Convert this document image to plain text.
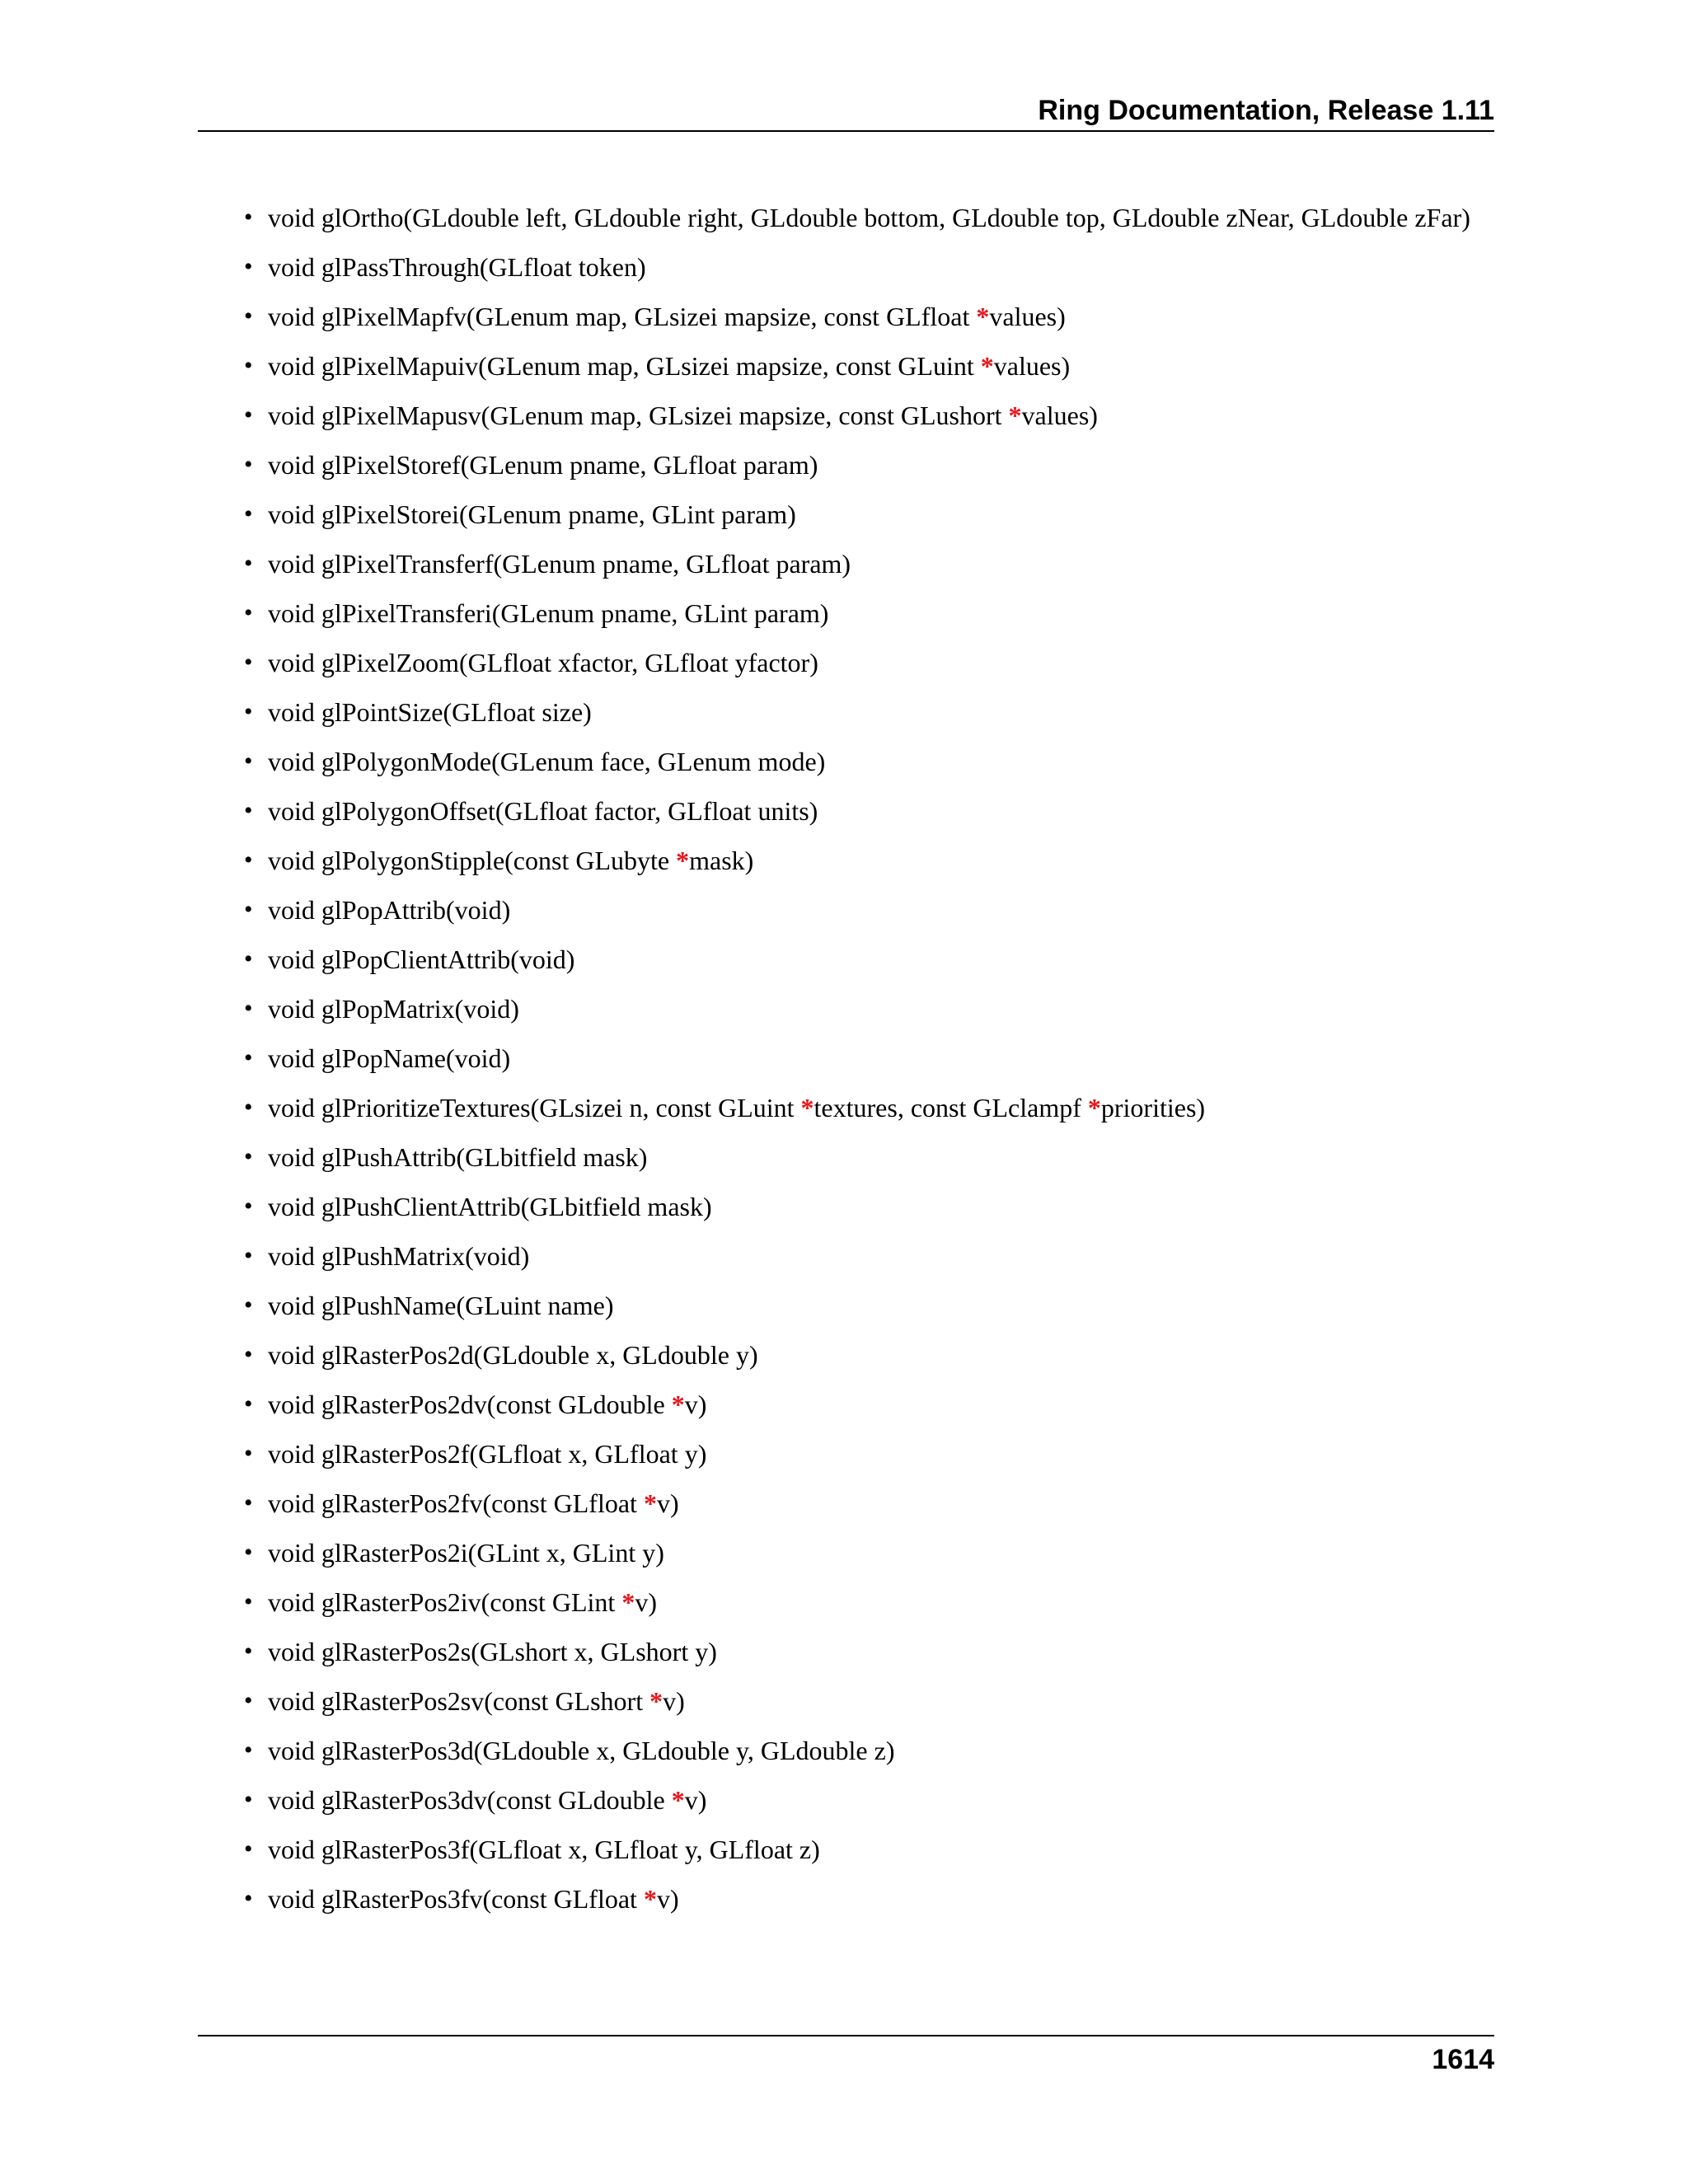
Ring Documentation, Release 1.11
• void glOrtho(GLdouble left, GLdouble right, GLdouble bottom, GLdouble top, GLdouble zNear, GLdouble zFar)
• void glPassThrough(GLfloat token)
• void glPixelMapfv(GLenum map, GLsizei mapsize, const GLfloat *values)
• void glPixelMapuiv(GLenum map, GLsizei mapsize, const GLuint *values)
• void glPixelMapusv(GLenum map, GLsizei mapsize, const GLushort *values)
• void glPixelStoref(GLenum pname, GLfloat param)
• void glPixelStorei(GLenum pname, GLint param)
• void glPixelTransferf(GLenum pname, GLfloat param)
• void glPixelTransferi(GLenum pname, GLint param)
• void glPixelZoom(GLfloat xfactor, GLfloat yfactor)
• void glPointSize(GLfloat size)
• void glPolygonMode(GLenum face, GLenum mode)
• void glPolygonOffset(GLfloat factor, GLfloat units)
• void glPolygonStipple(const GLubyte *mask)
• void glPopAttrib(void)
• void glPopClientAttrib(void)
• void glPopMatrix(void)
• void glPopName(void)
• void glPrioritizeTextures(GLsizei n, const GLuint *textures, const GLclampf *priorities)
• void glPushAttrib(GLbitfield mask)
• void glPushClientAttrib(GLbitfield mask)
• void glPushMatrix(void)
• void glPushName(GLuint name)
• void glRasterPos2d(GLdouble x, GLdouble y)
• void glRasterPos2dv(const GLdouble *v)
• void glRasterPos2f(GLfloat x, GLfloat y)
• void glRasterPos2fv(const GLfloat *v)
• void glRasterPos2i(GLint x, GLint y)
• void glRasterPos2iv(const GLint *v)
• void glRasterPos2s(GLshort x, GLshort y)
• void glRasterPos2sv(const GLshort *v)
• void glRasterPos3d(GLdouble x, GLdouble y, GLdouble z)
• void glRasterPos3dv(const GLdouble *v)
• void glRasterPos3f(GLfloat x, GLfloat y, GLfloat z)
• void glRasterPos3fv(const GLfloat *v)
1614
